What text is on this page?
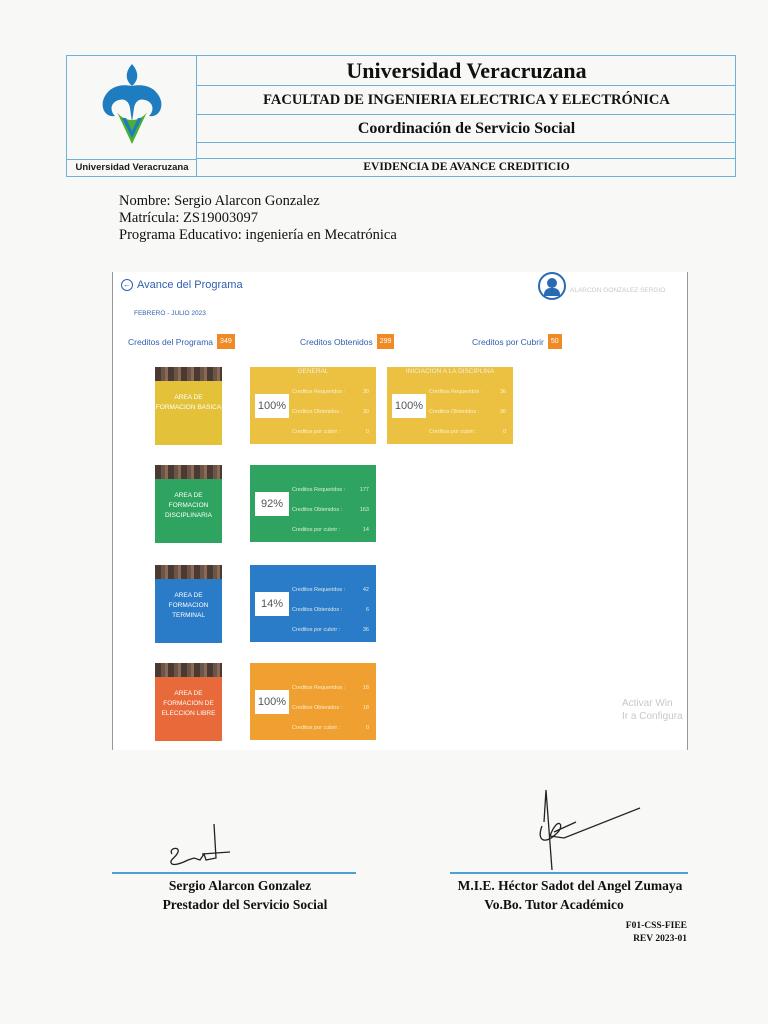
Universidad Veracruzana
Universidad Veracruzana
FACULTAD DE INGENIERIA ELECTRICA Y ELECTRÓNICA
Coordinación de Servicio Social
EVIDENCIA DE AVANCE CREDITICIO
Nombre: Sergio Alarcon Gonzalez
Matrícula: ZS19003097
Programa Educativo: ingeniería en Mecatrónica
← Avance del Programa
FEBRERO - JULIO 2023
ALARCON GONZALEZ SERGIO
Creditos del Programa	349	Creditos Obtenidos	299	Creditos por Cubrir	50
AREA DE FORMACION BASICA
AREA DE FORMACION DISCIPLINARIA
AREA DE FORMACION TERMINAL
AREA DE FORMACION DE ELECCION LIBRE
GENERAL
100%
Creditos Requeridos :	30
Creditos Obtenidos :	30
Creditos por cubrir :	0
INICIACION A LA DISCIPLINA
100%
Creditos Requeridos :	36
Creditos Obtenidos :	36
Creditos por cubrir :	0
92%
Creditos Requeridos :	177
Creditos Obtenidos :	163
Creditos por cubrir :	14
14%
Creditos Requeridos :	42
Creditos Obtenidos :	6
Creditos por cubrir :	36
100%
Creditos Requeridos :	18
Creditos Obtenidos :	18
Creditos por cubrir :	0
Activar Win
Ir a Configura
Sergio Alarcon Gonzalez
Prestador del Servicio Social
M.I.E. Héctor Sadot del Angel Zumaya
Vo.Bo. Tutor Académico
F01-CSS-FIEE
REV 2023-01
